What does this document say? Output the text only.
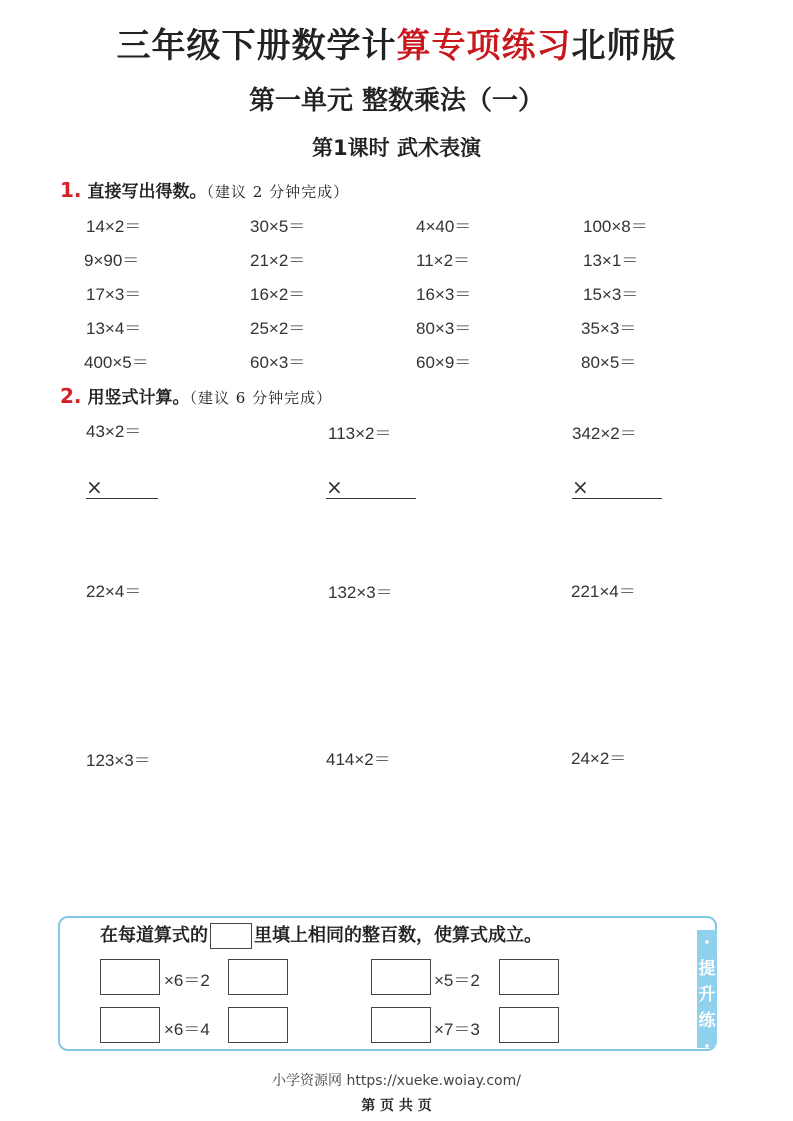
三年级下册数学计算专项练习北师版
第一单元 整数乘法（一）
第1课时 武术表演
1. 直接写出得数。（建议 2 分钟完成）
14×2＝	30×5＝	4×40＝	100×8＝
9×90＝	21×2＝	11×2＝	13×1＝
17×3＝	16×2＝	16×3＝	15×3＝
13×4＝	25×2＝	80×3＝	35×3＝
400×5＝	60×3＝	60×9＝	80×5＝
2. 用竖式计算。（建议 6 分钟完成）
43×2＝	113×2＝	342×2＝
×	×	×
22×4＝	132×3＝	221×4＝
123×3＝	414×2＝	24×2＝
在每道算式的	里填上相同的整百数，使算式成立。
×6＝2	×5＝2
×6＝4	×7＝3
·提升练·
小学资源网 https://xueke.woiay.com/
第 页 共 页
